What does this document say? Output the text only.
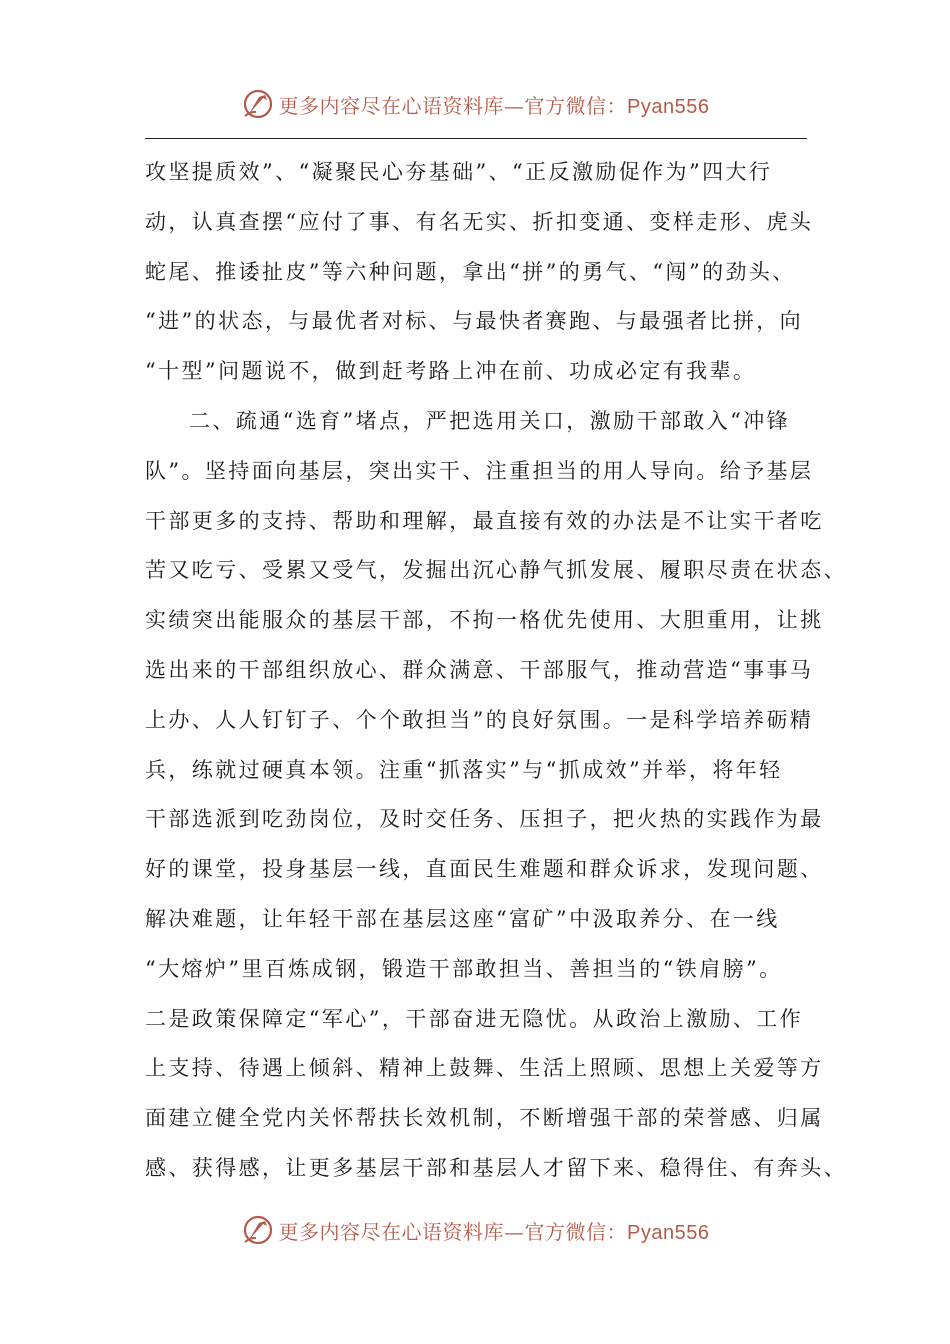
更多内容尽在心语资料库—官方微信：Pyan556
攻坚提质效”、“凝聚民心夯基础”、“正反激励促作为”四大行
动，认真查摆“应付了事、有名无实、折扣变通、变样走形、虎头
蛇尾、推诿扯皮”等六种问题，拿出“拼”的勇气、“闯”的劲头、
“进”的状态，与最优者对标、与最快者赛跑、与最强者比拼，向
“十型”问题说不，做到赶考路上冲在前、功成必定有我辈。
二、疏通“选育”堵点，严把选用关口，激励干部敢入“冲锋
队”。坚持面向基层，突出实干、注重担当的用人导向。给予基层
干部更多的支持、帮助和理解，最直接有效的办法是不让实干者吃
苦又吃亏、受累又受气，发掘出沉心静气抓发展、履职尽责在状态、
实绩突出能服众的基层干部，不拘一格优先使用、大胆重用，让挑
选出来的干部组织放心、群众满意、干部服气，推动营造“事事马
上办、人人钉钉子、个个敢担当”的良好氛围。一是科学培养砺精
兵，练就过硬真本领。注重“抓落实”与“抓成效”并举，将年轻
干部选派到吃劲岗位，及时交任务、压担子，把火热的实践作为最
好的课堂，投身基层一线，直面民生难题和群众诉求，发现问题、
解决难题，让年轻干部在基层这座“富矿”中汲取养分、在一线
“大熔炉”里百炼成钢，锻造干部敢担当、善担当的“铁肩膀”。
二是政策保障定“军心”，干部奋进无隐忧。从政治上激励、工作
上支持、待遇上倾斜、精神上鼓舞、生活上照顾、思想上关爱等方
面建立健全党内关怀帮扶长效机制，不断增强干部的荣誉感、归属
感、获得感，让更多基层干部和基层人才留下来、稳得住、有奔头、
更多内容尽在心语资料库—官方微信：Pyan556
